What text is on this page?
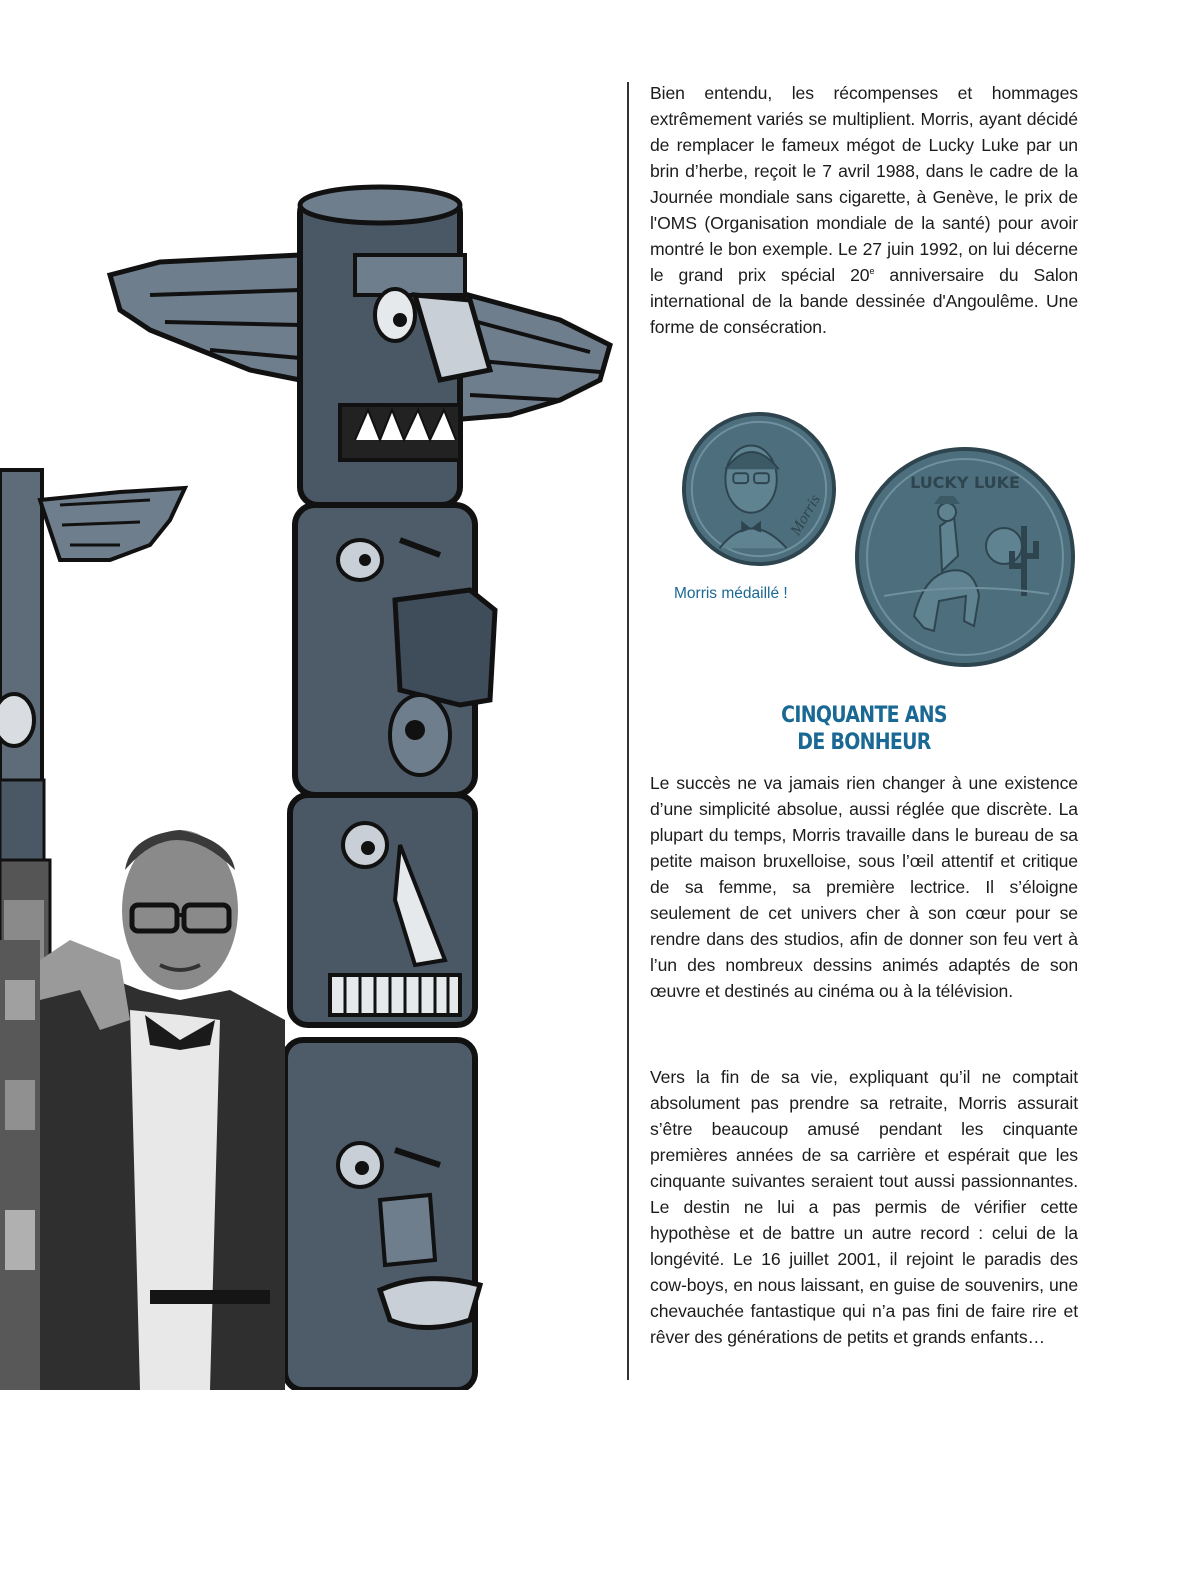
Bien entendu, les récompenses et hommages extrêmement variés se multiplient. Morris, ayant décidé de remplacer le fameux mégot de Lucky Luke par un brin d’herbe, reçoit le 7 avril 1988, dans le cadre de la Journée mondiale sans cigarette, à Genève, le prix de l'OMS (Organisation mondiale de la santé) pour avoir montré le bon exemple. Le 27 juin 1992, on lui décerne le grand prix spécial 20e anniversaire du Salon international de la bande dessinée d'Angoulême. Une forme de consécration.

Morris
LUCKY LUKE
Morris médaillé !
CINQUANTE ANS
DE BONHEUR

Le succès ne va jamais rien changer à une existence d’une simplicité absolue, aussi réglée que discrète. La plupart du temps, Morris travaille dans le bureau de sa petite maison bruxelloise, sous l’œil attentif et critique de sa femme, sa première lectrice. Il s’éloigne seulement de cet univers cher à son cœur pour se rendre dans des studios, afin de donner son feu vert à l’un des nombreux dessins animés adaptés de son œuvre et destinés au cinéma ou à la télévision.

Vers la fin de sa vie, expliquant qu’il ne comptait absolument pas prendre sa retraite, Morris assurait s’être beaucoup amusé pendant les cinquante premières années de sa carrière et espérait que les cinquante suivantes seraient tout aussi passionnantes. Le destin ne lui a pas permis de vérifier cette hypothèse et de battre un autre record : celui de la longévité. Le 16 juillet 2001, il rejoint le paradis des cow-boys, en nous laissant, en guise de souvenirs, une chevauchée fantastique qui n’a pas fini de faire rire et rêver des générations de petits et grands enfants…
